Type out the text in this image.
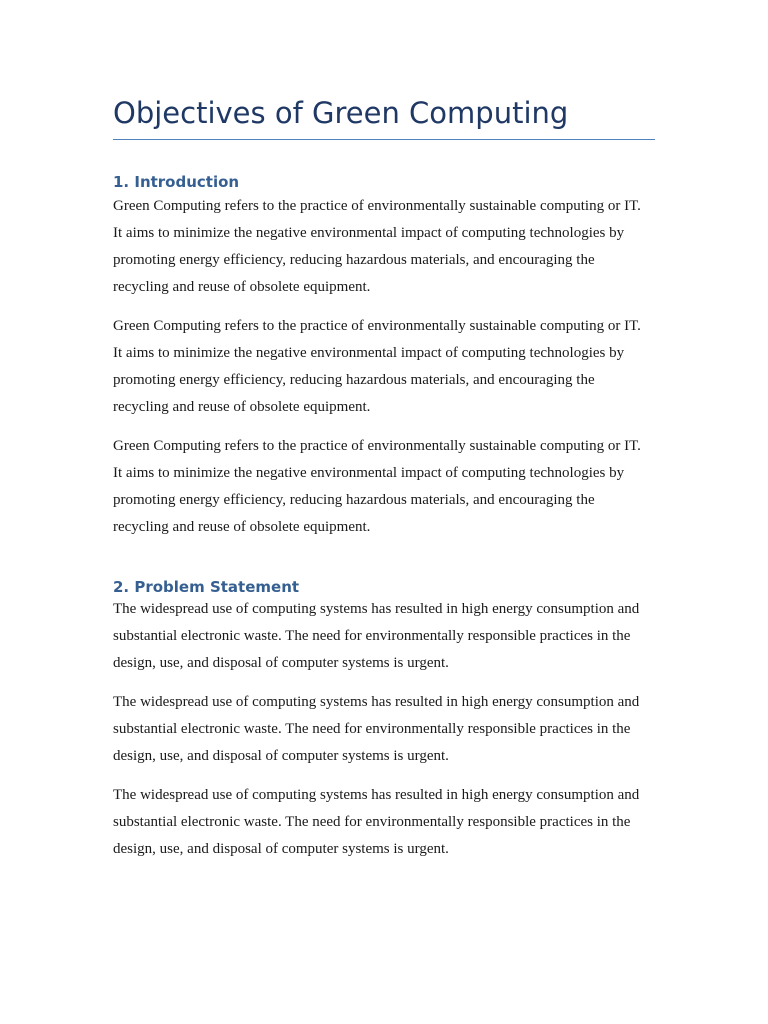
Objectives of Green Computing
1. Introduction

Green Computing refers to the practice of environmentally sustainable computing or IT.
It aims to minimize the negative environmental impact of computing technologies by
promoting energy efficiency, reducing hazardous materials, and encouraging the
recycling and reuse of obsolete equipment.

Green Computing refers to the practice of environmentally sustainable computing or IT.
It aims to minimize the negative environmental impact of computing technologies by
promoting energy efficiency, reducing hazardous materials, and encouraging the
recycling and reuse of obsolete equipment.

Green Computing refers to the practice of environmentally sustainable computing or IT.
It aims to minimize the negative environmental impact of computing technologies by
promoting energy efficiency, reducing hazardous materials, and encouraging the
recycling and reuse of obsolete equipment.

2. Problem Statement

The widespread use of computing systems has resulted in high energy consumption and
substantial electronic waste. The need for environmentally responsible practices in the
design, use, and disposal of computer systems is urgent.

The widespread use of computing systems has resulted in high energy consumption and
substantial electronic waste. The need for environmentally responsible practices in the
design, use, and disposal of computer systems is urgent.

The widespread use of computing systems has resulted in high energy consumption and
substantial electronic waste. The need for environmentally responsible practices in the
design, use, and disposal of computer systems is urgent.
